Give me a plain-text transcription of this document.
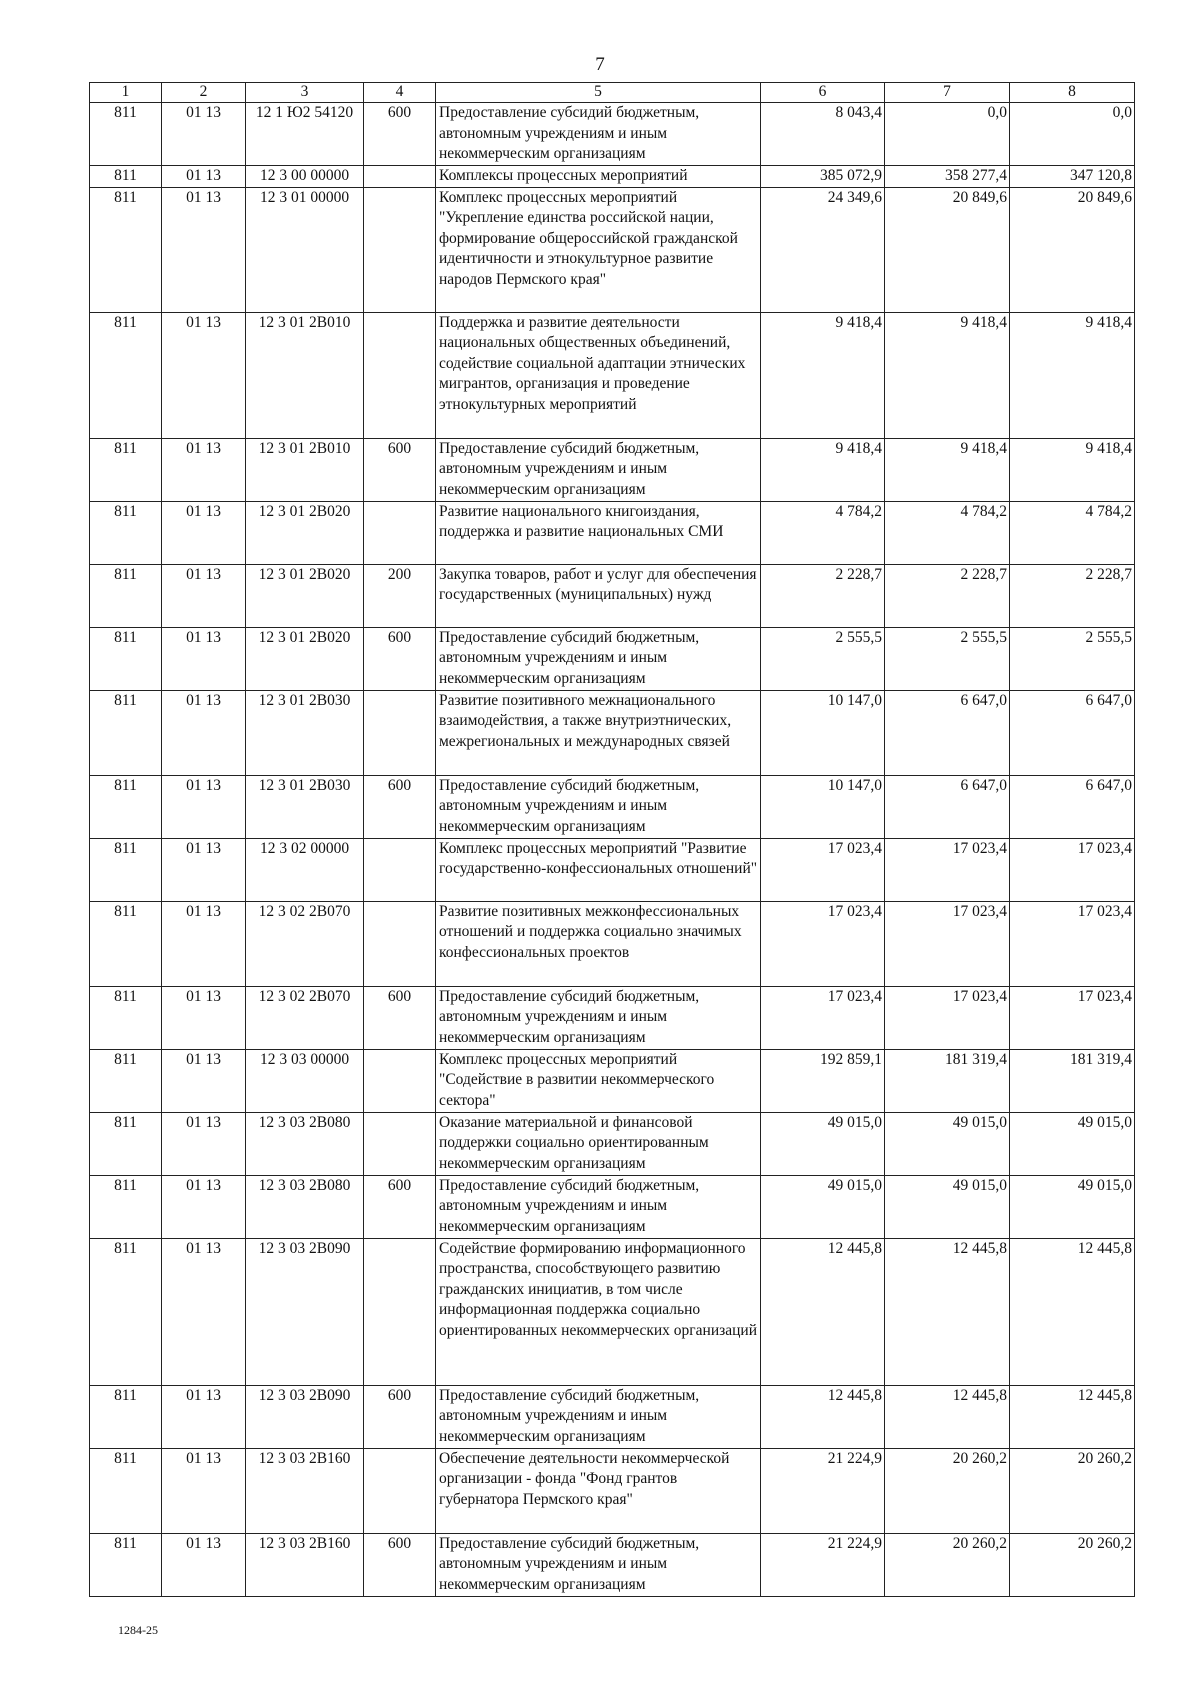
7
1	2	3	4	5	6	7	8
811	01 13	12 1 Ю2 54120	600	Предоставление субсидий бюджетным, автономным учреждениям и иным некоммерческим организациям	8 043,4	0,0	0,0
811	01 13	12 3 00 00000		Комплексы процессных мероприятий	385 072,9	358 277,4	347 120,8
811	01 13	12 3 01 00000		Комплекс процессных мероприятий "Укрепление единства российской нации, формирование общероссийской гражданской идентичности и этнокультурное развитие народов Пермского края"	24 349,6	20 849,6	20 849,6
811	01 13	12 3 01 2В010		Поддержка и развитие деятельности национальных общественных объединений, содействие социальной адаптации этнических мигрантов, организация и проведение этнокультурных мероприятий	9 418,4	9 418,4	9 418,4
811	01 13	12 3 01 2В010	600	Предоставление субсидий бюджетным, автономным учреждениям и иным некоммерческим организациям	9 418,4	9 418,4	9 418,4
811	01 13	12 3 01 2В020		Развитие национального книгоиздания, поддержка и развитие национальных СМИ	4 784,2	4 784,2	4 784,2
811	01 13	12 3 01 2В020	200	Закупка товаров, работ и услуг для обеспечения государственных (муниципальных) нужд	2 228,7	2 228,7	2 228,7
811	01 13	12 3 01 2В020	600	Предоставление субсидий бюджетным, автономным учреждениям и иным некоммерческим организациям	2 555,5	2 555,5	2 555,5
811	01 13	12 3 01 2В030		Развитие позитивного межнационального взаимодействия, а также внутриэтнических, межрегиональных и международных связей	10 147,0	6 647,0	6 647,0
811	01 13	12 3 01 2В030	600	Предоставление субсидий бюджетным, автономным учреждениям и иным некоммерческим организациям	10 147,0	6 647,0	6 647,0
811	01 13	12 3 02 00000		Комплекс процессных мероприятий "Развитие государственно-конфессиональных отношений"	17 023,4	17 023,4	17 023,4
811	01 13	12 3 02 2В070		Развитие позитивных межконфессиональных отношений и поддержка социально значимых конфессиональных проектов	17 023,4	17 023,4	17 023,4
811	01 13	12 3 02 2В070	600	Предоставление субсидий бюджетным, автономным учреждениям и иным некоммерческим организациям	17 023,4	17 023,4	17 023,4
811	01 13	12 3 03 00000		Комплекс процессных мероприятий "Содействие в развитии некоммерческого сектора"	192 859,1	181 319,4	181 319,4
811	01 13	12 3 03 2В080		Оказание материальной и финансовой поддержки социально ориентированным некоммерческим организациям	49 015,0	49 015,0	49 015,0
811	01 13	12 3 03 2В080	600	Предоставление субсидий бюджетным, автономным учреждениям и иным некоммерческим организациям	49 015,0	49 015,0	49 015,0
811	01 13	12 3 03 2В090		Содействие формированию информационного пространства, способствующего развитию гражданских инициатив, в том числе информационная поддержка социально ориентированных некоммерческих организаций	12 445,8	12 445,8	12 445,8
811	01 13	12 3 03 2В090	600	Предоставление субсидий бюджетным, автономным учреждениям и иным некоммерческим организациям	12 445,8	12 445,8	12 445,8
811	01 13	12 3 03 2В160		Обеспечение деятельности некоммерческой организации - фонда "Фонд грантов губернатора Пермского края"	21 224,9	20 260,2	20 260,2
811	01 13	12 3 03 2В160	600	Предоставление субсидий бюджетным, автономным учреждениям и иным некоммерческим организациям	21 224,9	20 260,2	20 260,2
1284-25
